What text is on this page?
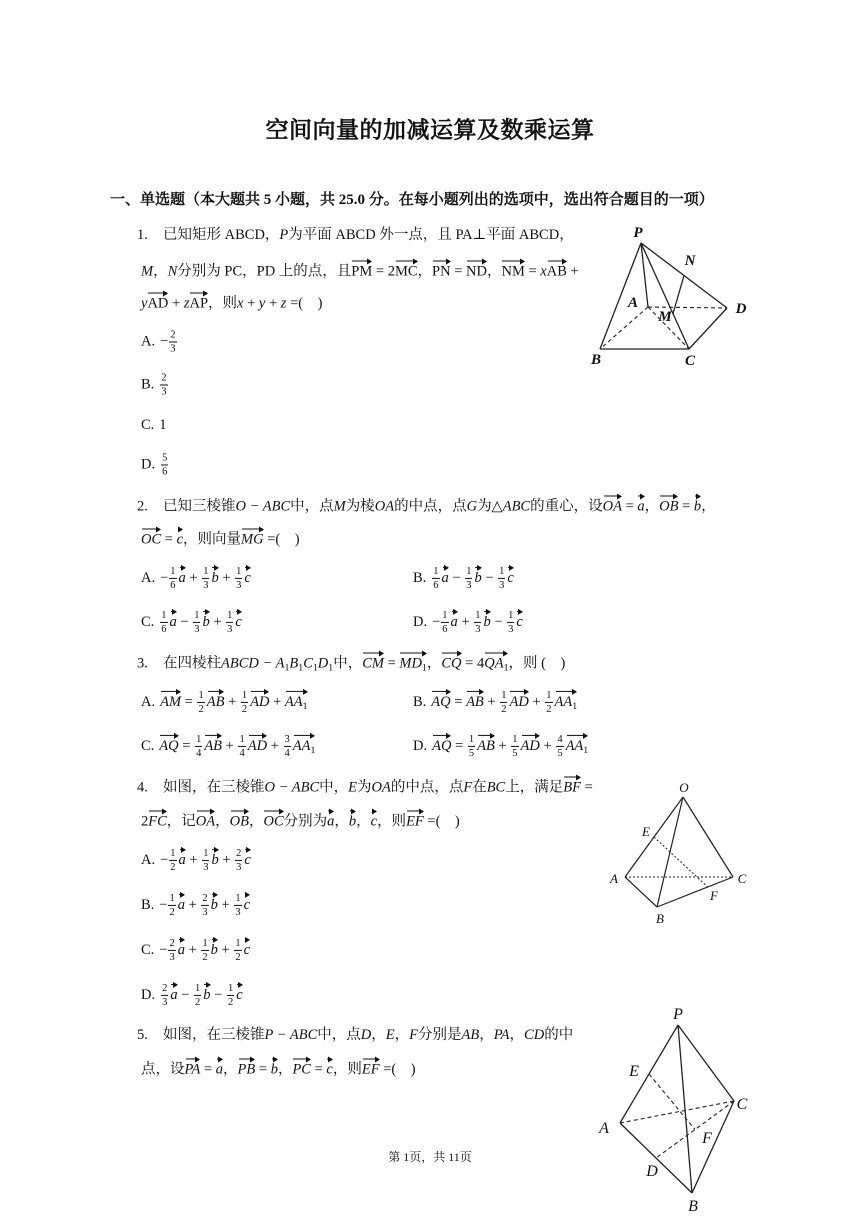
空间向量的加减运算及数乘运算
一、单选题（本大题共 5 小题，共 25.0 分。在每小题列出的选项中，选出符合题目的一项）
1. 已知矩形 ABCD，P为平面 ABCD 外一点，且 PA⊥平面 ABCD，
M，N分别为 PC，PD 上的点，且PM = 2MC，PN = ND，NM = xAB +
yAD + zAP，则x + y + z =(    )
A. − $\frac{2}{3}$
B. $\frac{2}{3}$
C. 1
D. $\frac{5}{6}$
P
N
A
M	D
B	C
2. 已知三棱锥O − ABC中，点M为棱OA的中点，点G为△ABC的重心，设OA = a，OB = b，
OC = c，则向量MG =(    )
A. − $\frac{1}{6}$ $a + \frac{1}{3}$ $b + \frac{1}{3}$ c	B. $\frac{1}{6}$ $a - \frac{1}{3}$ $b - \frac{1}{3}$ c
C. $\frac{1}{6}$ $a - \frac{1}{3}$ $b + \frac{1}{3}$ c	D. − $\frac{1}{6}$ $a + \frac{1}{3}$ $b - \frac{1}{3}$ c
3. 在四棱柱ABCD − $A_1B_1C_1D_1$中，CM = $MD_1$，CQ = $4QA_1$，则 (    )
A. AM = $\frac{1}{2}$ AB + $\frac{1}{2}$ AD + $AA_1$	B. AQ = AB + $\frac{1}{2}$ AD + $\frac{1}{2} AA_1$
C. AQ = $\frac{1}{4}$ AB + $\frac{1}{4}$ AD + $\frac{3}{4} AA_1$	D. AQ = $\frac{1}{5}$ AB + $\frac{1}{5}$ AD + $\frac{4}{5} AA_1$
4. 如图，在三棱锥O − ABC中，E为OA的中点，点F在BC上，满足BF =
2FC，记OA，OB，OC分别为a，b，c，则EF =(    )
A. − $\frac{1}{2}$ $a + \frac{1}{3}$ $b + \frac{2}{3}$ c
B. − $\frac{1}{2}$ $a + \frac{2}{3}$ $b + \frac{1}{3}$ c
C. − $\frac{2}{3}$ $a + \frac{1}{2}$ $b + \frac{1}{2}$ c
D. $\frac{2}{3}$ $a - \frac{1}{2}$ $b - \frac{1}{2}$ c
O
E
A	C
B
F
5. 如图，在三棱锥P − ABC中，点D，E，F分别是AB，PA，CD的中
点，设PA = a，PB = b，PC = c，则EF =(    )
P
E
C
A
F
D
B
第 1页，共 11页
